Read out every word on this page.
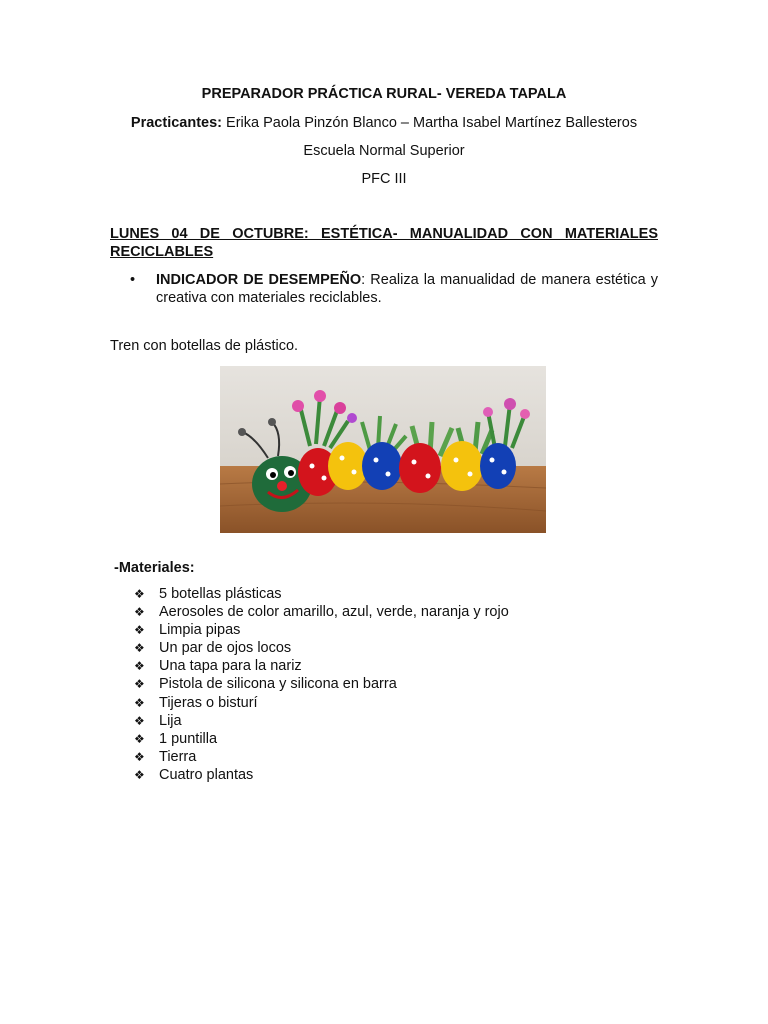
PREPARADOR PRÁCTICA RURAL- VEREDA TAPALA
Practicantes: Erika Paola Pinzón Blanco – Martha Isabel Martínez Ballesteros
Escuela Normal Superior
PFC III
LUNES 04 DE OCTUBRE: ESTÉTICA- MANUALIDAD CON MATERIALES RECICLABLES
• INDICADOR DE DESEMPEÑO: Realiza la manualidad de manera estética y creativa con materiales reciclables.
Tren con botellas de plástico.
-Materiales:
❖ 5 botellas plásticas
❖ Aerosoles de color amarillo, azul, verde, naranja y rojo
❖ Limpia pipas
❖ Un par de ojos locos
❖ Una tapa para la nariz
❖ Pistola de silicona y silicona en barra
❖ Tijeras o bisturí
❖ Lija
❖ 1 puntilla
❖ Tierra
❖ Cuatro plantas
